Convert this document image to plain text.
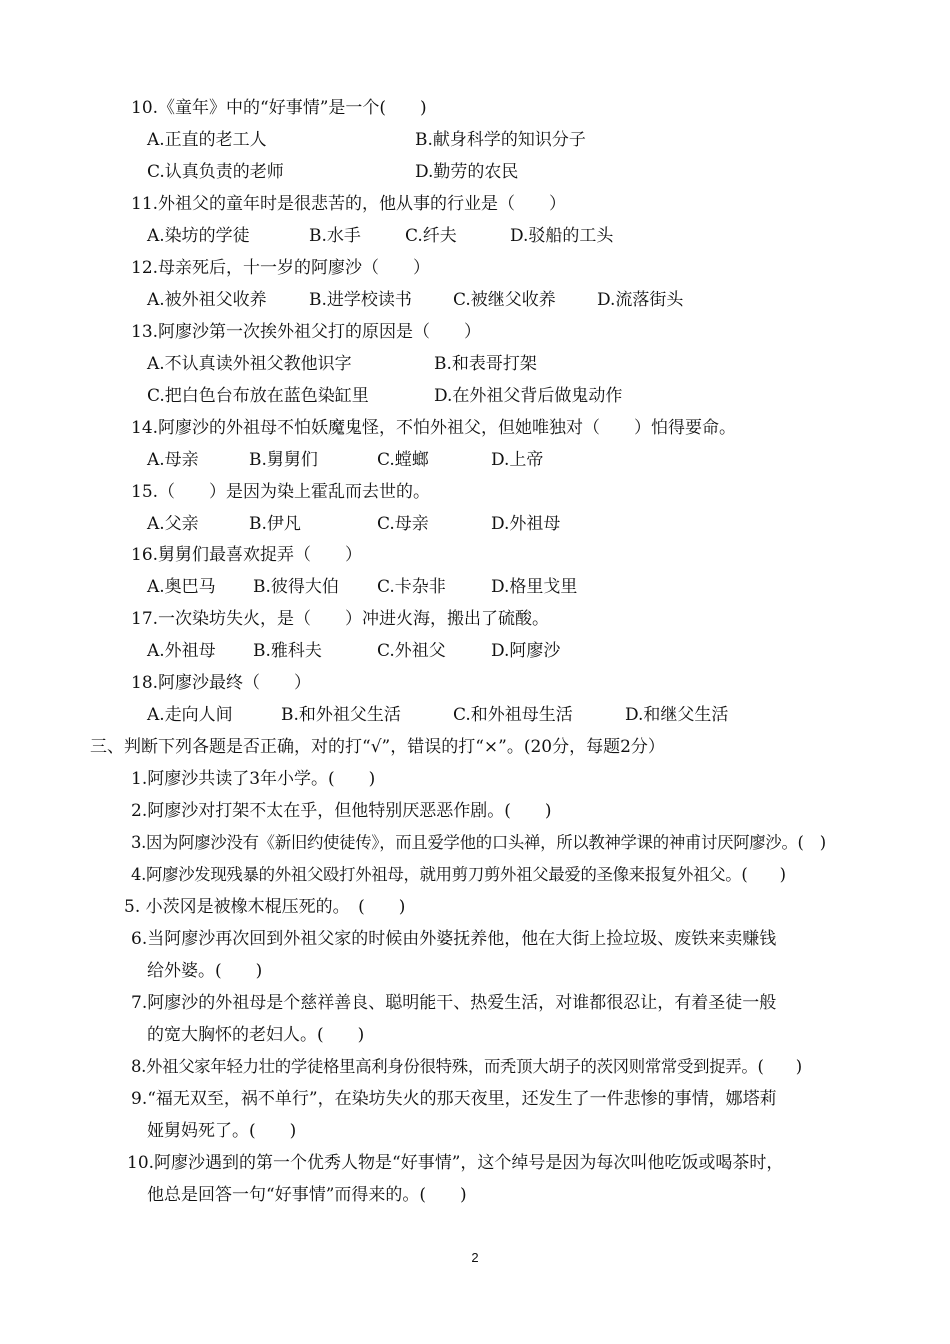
10.《童年》中的“好事情”是一个(　　)
A.正直的老工人	B.献身科学的知识分子
C.认真负责的老师	D.勤劳的农民
11.外祖父的童年时是很悲苦的，他从事的行业是（　　）
A.染坊的学徒	B.水手	C.纤夫	D.驳船的工头
12.母亲死后，十一岁的阿廖沙（　　）
A.被外祖父收养	B.进学校读书	C.被继父收养	D.流落街头
13.阿廖沙第一次挨外祖父打的原因是（　　）
A.不认真读外祖父教他识字	B.和表哥打架
C.把白色台布放在蓝色染缸里	D.在外祖父背后做鬼动作
14.阿廖沙的外祖母不怕妖魔鬼怪，不怕外祖父，但她唯独对（　　）怕得要命。
A.母亲	B.舅舅们	C.螳螂	D.上帝
15.（　　）是因为染上霍乱而去世的。
A.父亲	B.伊凡	C.母亲	D.外祖母
16.舅舅们最喜欢捉弄（　　）
A.奥巴马	B.彼得大伯	C.卡杂非	D.格里戈里
17.一次染坊失火，是（　　）冲进火海，搬出了硫酸。
A.外祖母	B.雅科夫	C.外祖父	D.阿廖沙
18.阿廖沙最终（　　）
A.走向人间	B.和外祖父生活	C.和外祖母生活	D.和继父生活
三、判断下列各题是否正确，对的打“√”，错误的打“×”。(20分，每题2分）
1.阿廖沙共读了3年小学。(　　)
2.阿廖沙对打架不太在乎，但他特别厌恶恶作剧。(　　)
3.因为阿廖沙没有《新旧约使徒传》，而且爱学他的口头禅，所以教神学课的神甫讨厌阿廖沙。(　)
4.阿廖沙发现残暴的外祖父殴打外祖母，就用剪刀剪外祖父最爱的圣像来报复外祖父。(　　)
5. 小茨冈是被橡木棍压死的。　(　　)
6.当阿廖沙再次回到外祖父家的时候由外婆抚养他，他在大街上捡垃圾、废铁来卖赚钱
给外婆。(　　)
7.阿廖沙的外祖母是个慈祥善良、聪明能干、热爱生活，对谁都很忍让，有着圣徒一般
的宽大胸怀的老妇人。(　　)
8.外祖父家年轻力壮的学徒格里高利身份很特殊，而秃顶大胡子的茨冈则常常受到捉弄。(　　)
9.“福无双至，祸不单行”，在染坊失火的那天夜里，还发生了一件悲惨的事情，娜塔莉
娅舅妈死了。(　　)
10.阿廖沙遇到的第一个优秀人物是“好事情”，这个绰号是因为每次叫他吃饭或喝茶时，
他总是回答一句“好事情”而得来的。(　　)
2
